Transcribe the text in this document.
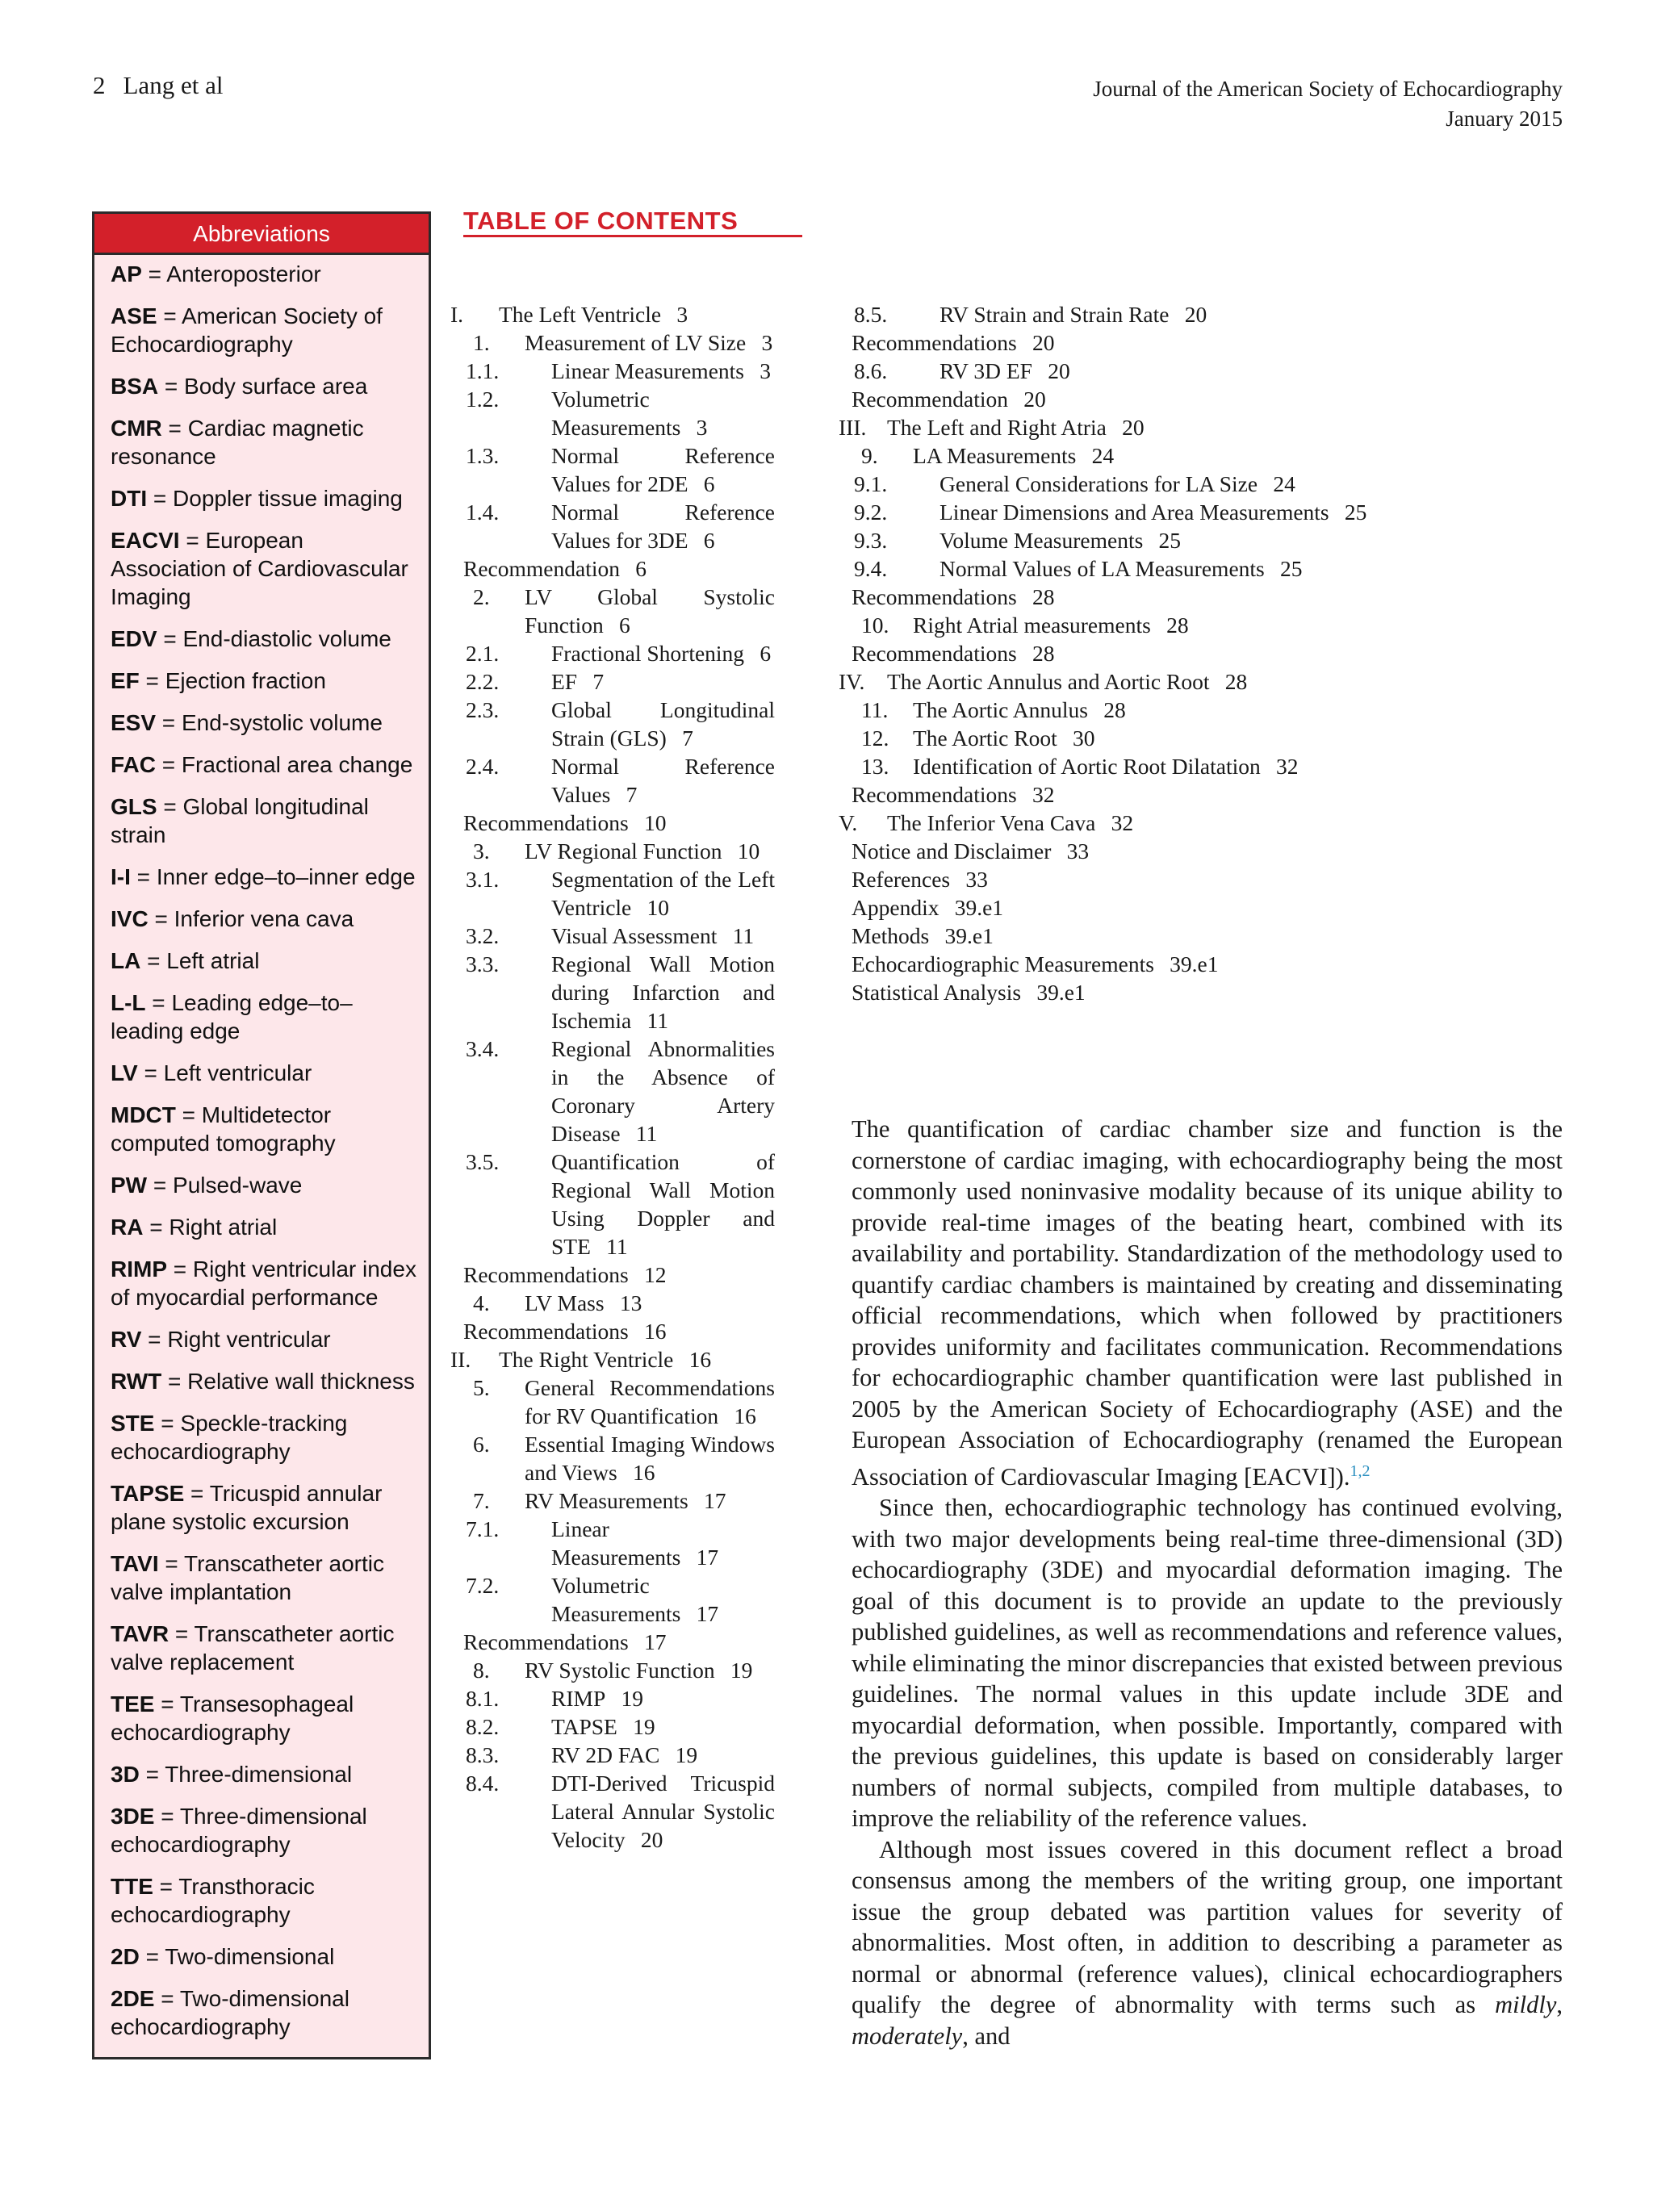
2 Lang et al	Journal of the American Society of Echocardiography
January 2015
Abbreviations
AP = Anteroposterior
ASE = American Society of Echocardiography
BSA = Body surface area
CMR = Cardiac magnetic resonance
DTI = Doppler tissue imaging
EACVI = European Association of Cardiovascular Imaging
EDV = End-diastolic volume
EF = Ejection fraction
ESV = End-systolic volume
FAC = Fractional area change
GLS = Global longitudinal strain
I-I = Inner edge–to–inner edge
IVC = Inferior vena cava
LA = Left atrial
L-L = Leading edge–to–leading edge
LV = Left ventricular
MDCT = Multidetector computed tomography
PW = Pulsed-wave
RA = Right atrial
RIMP = Right ventricular index of myocardial performance
RV = Right ventricular
RWT = Relative wall thickness
STE = Speckle-tracking echocardiography
TAPSE = Tricuspid annular plane systolic excursion
TAVI = Transcatheter aortic valve implantation
TAVR = Transcatheter aortic valve replacement
TEE = Transesophageal echocardiography
3D = Three-dimensional
3DE = Three-dimensional echocardiography
TTE = Transthoracic echocardiography
2D = Two-dimensional
2DE = Two-dimensional echocardiography
TABLE OF CONTENTS
I. The Left Ventricle 3
1. Measurement of LV Size 3
1.1. Linear Measurements 3
1.2. Volumetric Measurements 3
1.3. Normal Reference Values for 2DE 6
1.4. Normal Reference Values for 3DE 6
Recommendation 6
2. LV Global Systolic Function 6
2.1. Fractional Shortening 6
2.2. EF 7
2.3. Global Longitudinal Strain (GLS) 7
2.4. Normal Reference Values 7
Recommendations 10
3. LV Regional Function 10
3.1. Segmentation of the Left Ventricle 10
3.2. Visual Assessment 11
3.3. Regional Wall Motion during Infarction and Ischemia 11
3.4. Regional Abnormalities in the Absence of Coronary Artery Disease 11
3.5. Quantification of Regional Wall Motion Using Doppler and STE 11
Recommendations 12
4. LV Mass 13
Recommendations 16
II. The Right Ventricle 16
5. General Recommendations for RV Quantification 16
6. Essential Imaging Windows and Views 16
7. RV Measurements 17
7.1. Linear Measurements 17
7.2. Volumetric Measurements 17
Recommendations 17
8. RV Systolic Function 19
8.1. RIMP 19
8.2. TAPSE 19
8.3. RV 2D FAC 19
8.4. DTI-Derived Tricuspid Lateral Annular Systolic Velocity 20
8.5. RV Strain and Strain Rate 20
Recommendations 20
8.6. RV 3D EF 20
Recommendation 20
III. The Left and Right Atria 20
9. LA Measurements 24
9.1. General Considerations for LA Size 24
9.2. Linear Dimensions and Area Measurements 25
9.3. Volume Measurements 25
9.4. Normal Values of LA Measurements 25
Recommendations 28
10. Right Atrial measurements 28
Recommendations 28
IV. The Aortic Annulus and Aortic Root 28
11. The Aortic Annulus 28
12. The Aortic Root 30
13. Identification of Aortic Root Dilatation 32
Recommendations 32
V. The Inferior Vena Cava 32
Notice and Disclaimer 33
References 33
Appendix 39.e1
Methods 39.e1
Echocardiographic Measurements 39.e1
Statistical Analysis 39.e1

The quantification of cardiac chamber size and function is the cornerstone of cardiac imaging, with echocardiography being the most commonly used noninvasive modality because of its unique ability to provide real-time images of the beating heart, combined with its availability and portability. Standardization of the methodology used to quantify cardiac chambers is maintained by creating and disseminating official recommendations, which when followed by practitioners provides uniformity and facilitates communication. Recommendations for echocardiographic chamber quantification were last published in 2005 by the American Society of Echocardiography (ASE) and the European Association of Echocardiography (renamed the European Association of Cardiovascular Imaging [EACVI]).$^{1,2}$

Since then, echocardiographic technology has continued evolving, with two major developments being real-time three-dimensional (3D) echocardiography (3DE) and myocardial deformation imaging. The goal of this document is to provide an update to the previously published guidelines, as well as recommendations and reference values, while eliminating the minor discrepancies that existed between previous guidelines. The normal values in this update include 3DE and myocardial deformation, when possible. Importantly, compared with the previous guidelines, this update is based on considerably larger numbers of normal subjects, compiled from multiple databases, to improve the reliability of the reference values.

Although most issues covered in this document reflect a broad consensus among the members of the writing group, one important issue the group debated was partition values for severity of abnormalities. Most often, in addition to describing a parameter as normal or abnormal (reference values), clinical echocardiographers qualify the degree of abnormality with terms such as mildly, moderately, and
